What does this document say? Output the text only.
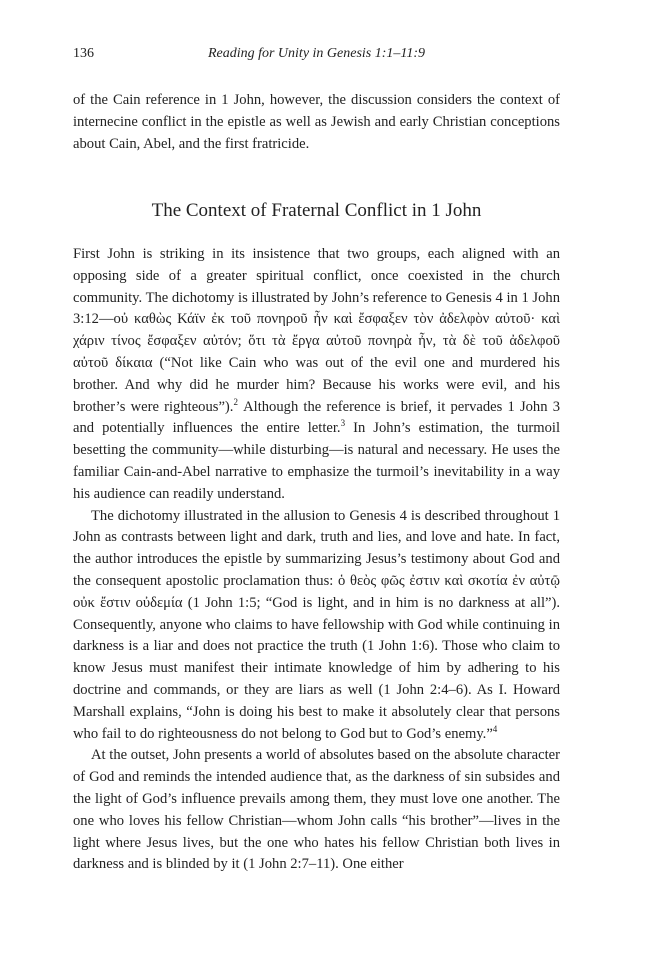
136	Reading for Unity in Genesis 1:1–11:9

of the Cain reference in 1 John, however, the discussion considers the context of internecine conflict in the epistle as well as Jewish and early Christian conceptions about Cain, Abel, and the first fratricide.

The Context of Fraternal Conflict in 1 John

First John is striking in its insistence that two groups, each aligned with an opposing side of a greater spiritual conflict, once coexisted in the church community. The dichotomy is illustrated by John’s reference to Genesis 4 in 1 John 3:12—οὐ καθὼς Κάϊν ἐκ τοῦ πονηροῦ ἦν καὶ ἔσφαξεν τὸν ἀδελφὸν αὐτοῦ· καὶ χάριν τίνος ἔσφαξεν αὐτόν; ὅτι τὰ ἔργα αὐτοῦ πονηρὰ ἦν, τὰ δὲ τοῦ ἀδελφοῦ αὐτοῦ δίκαια (“Not like Cain who was out of the evil one and murdered his brother. And why did he murder him? Because his works were evil, and his brother’s were righteous”).$^2$ Although the reference is brief, it pervades 1 John 3 and potentially influences the entire letter.$^3$ In John’s estimation, the turmoil besetting the community—while disturbing—is natural and necessary. He uses the familiar Cain-and-Abel narrative to emphasize the turmoil’s inevitability in a way his audience can readily understand.

The dichotomy illustrated in the allusion to Genesis 4 is described throughout 1 John as contrasts between light and dark, truth and lies, and love and hate. In fact, the author introduces the epistle by summarizing Jesus’s testimony about God and the consequent apostolic proclamation thus: ὁ θεὸς φῶς ἐστιν καὶ σκοτία ἐν αὐτῷ οὐκ ἔστιν οὐδεμία (1 John 1:5; “God is light, and in him is no darkness at all”). Consequently, anyone who claims to have fellowship with God while continuing in darkness is a liar and does not practice the truth (1 John 1:6). Those who claim to know Jesus must manifest their intimate knowledge of him by adhering to his doctrine and commands, or they are liars as well (1 John 2:4–6). As I. Howard Marshall explains, “John is doing his best to make it absolutely clear that persons who fail to do righteousness do not belong to God but to God’s enemy.”$^4$

At the outset, John presents a world of absolutes based on the absolute character of God and reminds the intended audience that, as the darkness of sin subsides and the light of God’s influence prevails among them, they must love one another. The one who loves his fellow Christian—whom John calls “his brother”—lives in the light where Jesus lives, but the one who hates his fellow Christian both lives in darkness and is blinded by it (1 John 2:7–11). One either
